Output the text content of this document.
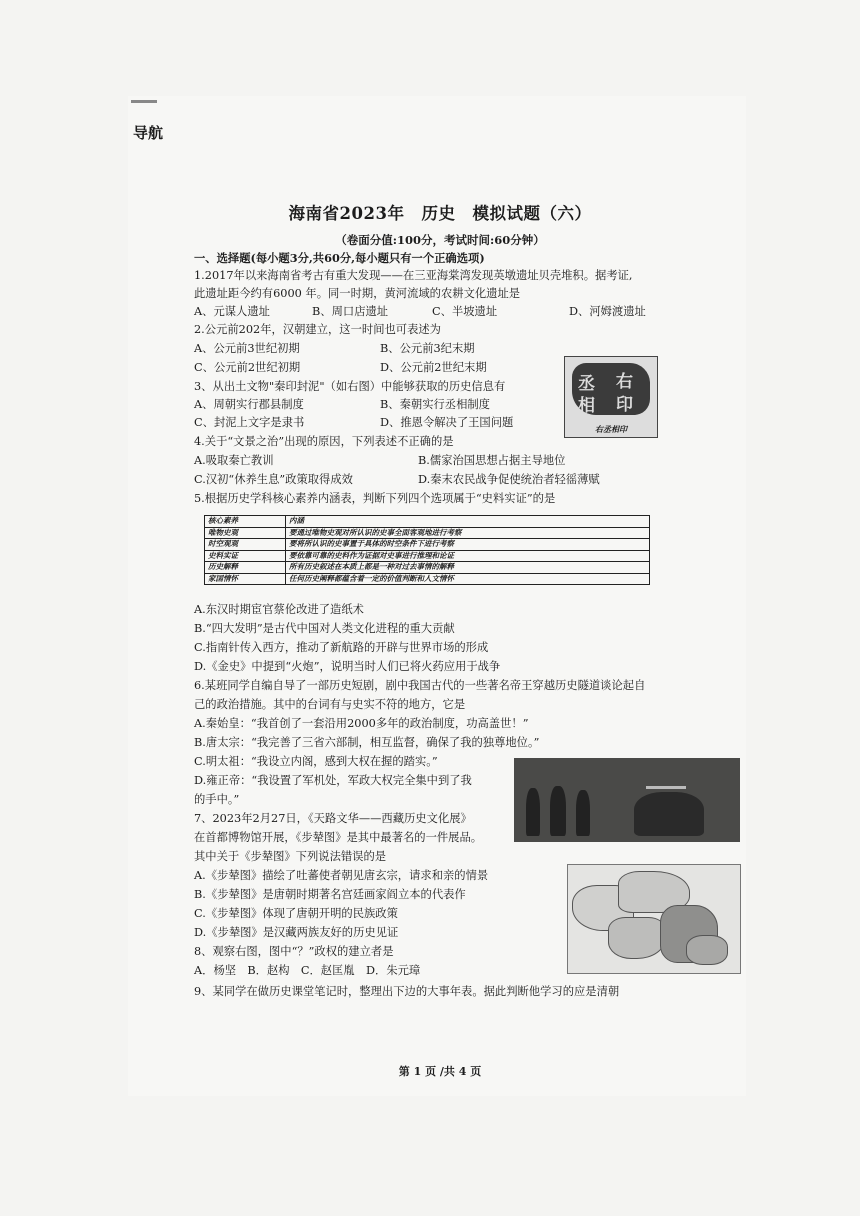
导航
海南省2023年　历史　模拟试题（六）
（卷面分值:100分，考试时间:60分钟）
一、选择题(每小题3分,共60分,每小题只有一个正确选项)
1.2017年以来海南省考古有重大发现——在三亚海棠湾发现英墩遗址贝壳堆积。据考证,
此遗址距今约有6000 年。同一时期，黄河流域的农耕文化遗址是
A、元谋人遗址	B、周口店遗址	C、半坡遗址	D、河姆渡遗址
2.公元前202年，汉朝建立，这一时间也可表述为
A、公元前3世纪初期	B、公元前3纪末期
C、公元前2世纪初期	D、公元前2世纪末期
3、从出土文物"秦印封泥"（如右图）中能够获取的历史信息有
A、周朝实行郡县制度	B、秦朝实行丞相制度
C、封泥上文字是隶书	D、推恩令解决了王国问题
丞
相
右
印
右丞相印
4.关于“文景之治”出现的原因，下列表述不正确的是
A.吸取秦亡教训	B.儒家治国思想占据主导地位
C.汉初“休养生息”政策取得成效	D.秦末农民战争促使统治者轻徭薄赋
5.根据历史学科核心素养内涵表，判断下列四个选项属于“史料实证”的是
核心素养	内涵
唯物史观	要通过唯物史观对所认识的史事全面客观地进行考察
时空观观	要将所认识的史事置于具体的时空条件下进行考察
史料实证	要依靠可靠的史料作为证据对史事进行推理和论证
历史解释	所有历史叙述在本质上都是一种对过去事情的解释
家国情怀	任何历史阐释都蕴含着一定的价值判断和人文情怀
A.东汉时期宦官蔡伦改进了造纸术
B.“四大发明”是古代中国对人类文化进程的重大贡献
C.指南针传入西方，推动了新航路的开辟与世界市场的形成
D.《金史》中提到“火炮”，说明当时人们已将火药应用于战争
6.某班同学自编自导了一部历史短剧，剧中我国古代的一些著名帝王穿越历史隧道谈论起自
己的政治措施。其中的台词有与史实不符的地方，它是
A.秦始皇：“我首创了一套沿用2000多年的政治制度，功高盖世！”
B.唐太宗：“我完善了三省六部制，相互监督，确保了我的独尊地位。”
C.明太祖：“我设立内阁，感到大权在握的踏实。”
D.雍正帝：“我设置了军机处，军政大权完全集中到了我
的手中。”
7、2023年2月27日，《天路文华——西藏历史文化展》
在首都博物馆开展，《步辇图》是其中最著名的一件展品。
其中关于《步辇图》下列说法错误的是
A.《步辇图》描绘了吐蕃使者朝见唐玄宗，请求和亲的情景
B.《步辇图》是唐朝时期著名宫廷画家阎立本的代表作
C.《步辇图》体现了唐朝开明的民族政策
D.《步辇图》是汉藏两族友好的历史见证
8、观察右图，图中“？”政权的建立者是
A．杨坚　B．赵构　C．赵匡胤　D．朱元璋
9、某同学在做历史课堂笔记时，整理出下边的大事年表。据此判断他学习的应是清朝
第 1 页 /共 4 页
